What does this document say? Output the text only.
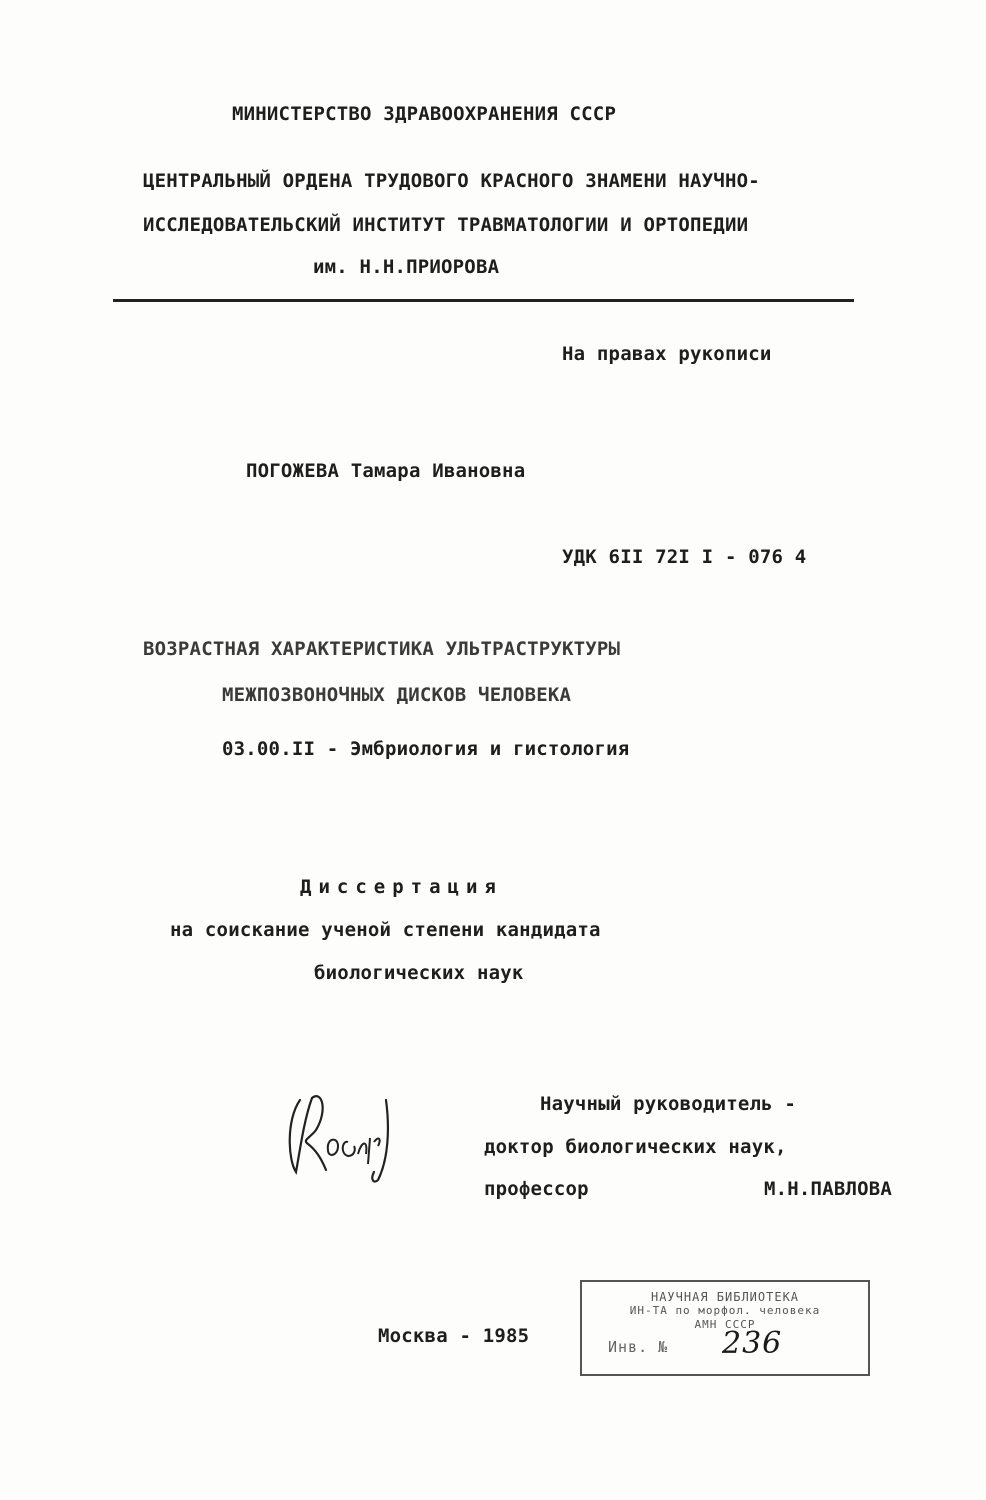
МИНИСТЕРСТВО ЗДРАВООХРАНЕНИЯ СССР
ЦЕНТРАЛЬНЫЙ ОРДЕНА ТРУДОВОГО КРАСНОГО ЗНАМЕНИ НАУЧНО-
ИССЛЕДОВАТЕЛЬСКИЙ ИНСТИТУТ ТРАВМАТОЛОГИИ И ОРТОПЕДИИ
им. Н.Н.ПРИОРОВА
На правах рукописи
ПОГОЖЕВА Тамара Ивановна
УДК 6II 72I I - 076 4
ВОЗРАСТНАЯ ХАРАКТЕРИСТИКА УЛЬТРАСТРУКТУРЫ
МЕЖПОЗВОНОЧНЫХ ДИСКОВ ЧЕЛОВЕКА
03.00.II - Эмбриология и гистология
Диссертация
на соискание ученой степени кандидата
биологических наук
Научный руководитель -
доктор биологических наук,
профессор	М.Н.ПАВЛОВА
Москва - 1985
НАУЧНАЯ БИБЛИОТЕКА
ИН-ТА по морфол. человека
АМН СССР
Инв. № 236
